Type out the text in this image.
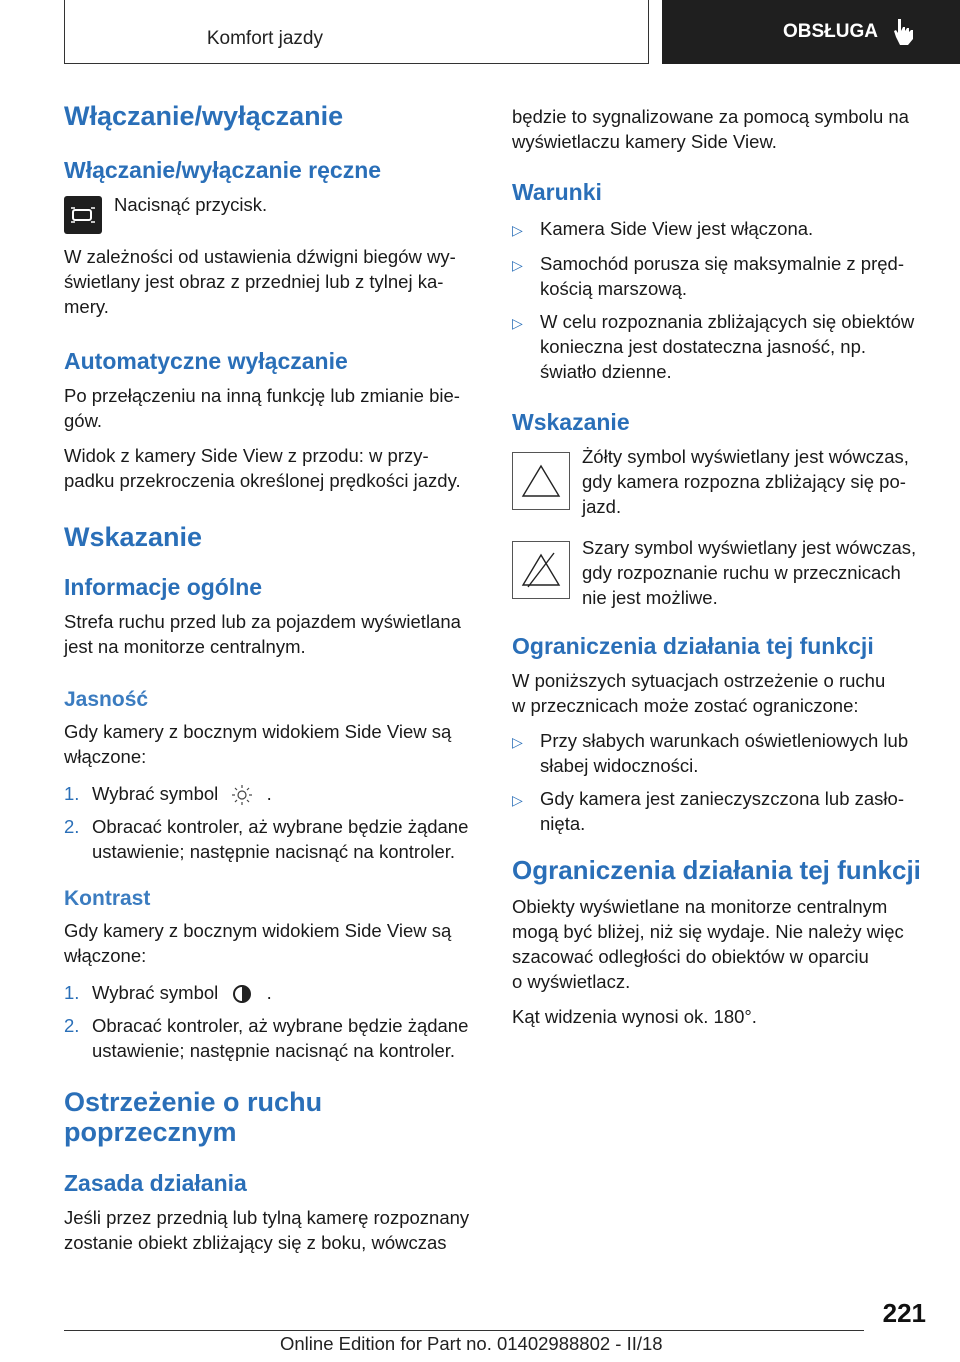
Komfort jazdy	OBSŁUGA
Włączanie/wyłączanie
Włączanie/wyłączanie ręczne

Nacisnąć przycisk.

W zależności od ustawienia dźwigni biegów wy-
świetlany jest obraz z przedniej lub z tylnej ka-
mery.

Automatyczne wyłączanie

Po przełączeniu na inną funkcję lub zmianie bie-
gów.

Widok z kamery Side View z przodu: w przy-
padku przekroczenia określonej prędkości jazdy.

Wskazanie
Informacje ogólne

Strefa ruchu przed lub za pojazdem wyświetlana
jest na monitorze centralnym.

Jasność

Gdy kamery z bocznym widokiem Side View są
włączone:

1. Wybrać symbol	.
2. Obracać kontroler, aż wybrane będzie żądane
ustawienie; następnie nacisnąć na kontroler.
Kontrast

Gdy kamery z bocznym widokiem Side View są
włączone:

1. Wybrać symbol	.
2. Obracać kontroler, aż wybrane będzie żądane
ustawienie; następnie nacisnąć na kontroler.
Ostrzeżenie o ruchu
poprzecznym
Zasada działania

Jeśli przez przednią lub tylną kamerę rozpoznany
zostanie obiekt zbliżający się z boku, wówczas

będzie to sygnalizowane za pomocą symbolu na
wyświetlaczu kamery Side View.

Warunki
▷ Kamera Side View jest włączona.
▷ Samochód porusza się maksymalnie z pręd-
kością marszową.
▷ W celu rozpoznania zbliżających się obiektów
konieczna jest dostateczna jasność, np.
światło dzienne.
Wskazanie

Żółty symbol wyświetlany jest wówczas,
gdy kamera rozpozna zbliżający się po-
jazd.

Szary symbol wyświetlany jest wówczas,
gdy rozpoznanie ruchu w przecznicach
nie jest możliwe.

Ograniczenia działania tej funkcji

W poniższych sytuacjach ostrzeżenie o ruchu
w przecznicach może zostać ograniczone:

▷ Przy słabych warunkach oświetleniowych lub
słabej widoczności.
▷ Gdy kamera jest zanieczyszczona lub zasło-
nięta.
Ograniczenia działania tej funkcji

Obiekty wyświetlane na monitorze centralnym
mogą być bliżej, niż się wydaje. Nie należy więc
szacować odległości do obiektów w oparciu
o wyświetlacz.

Kąt widzenia wynosi ok. 180°.

221
Online Edition for Part no. 01402988802 - II/18
